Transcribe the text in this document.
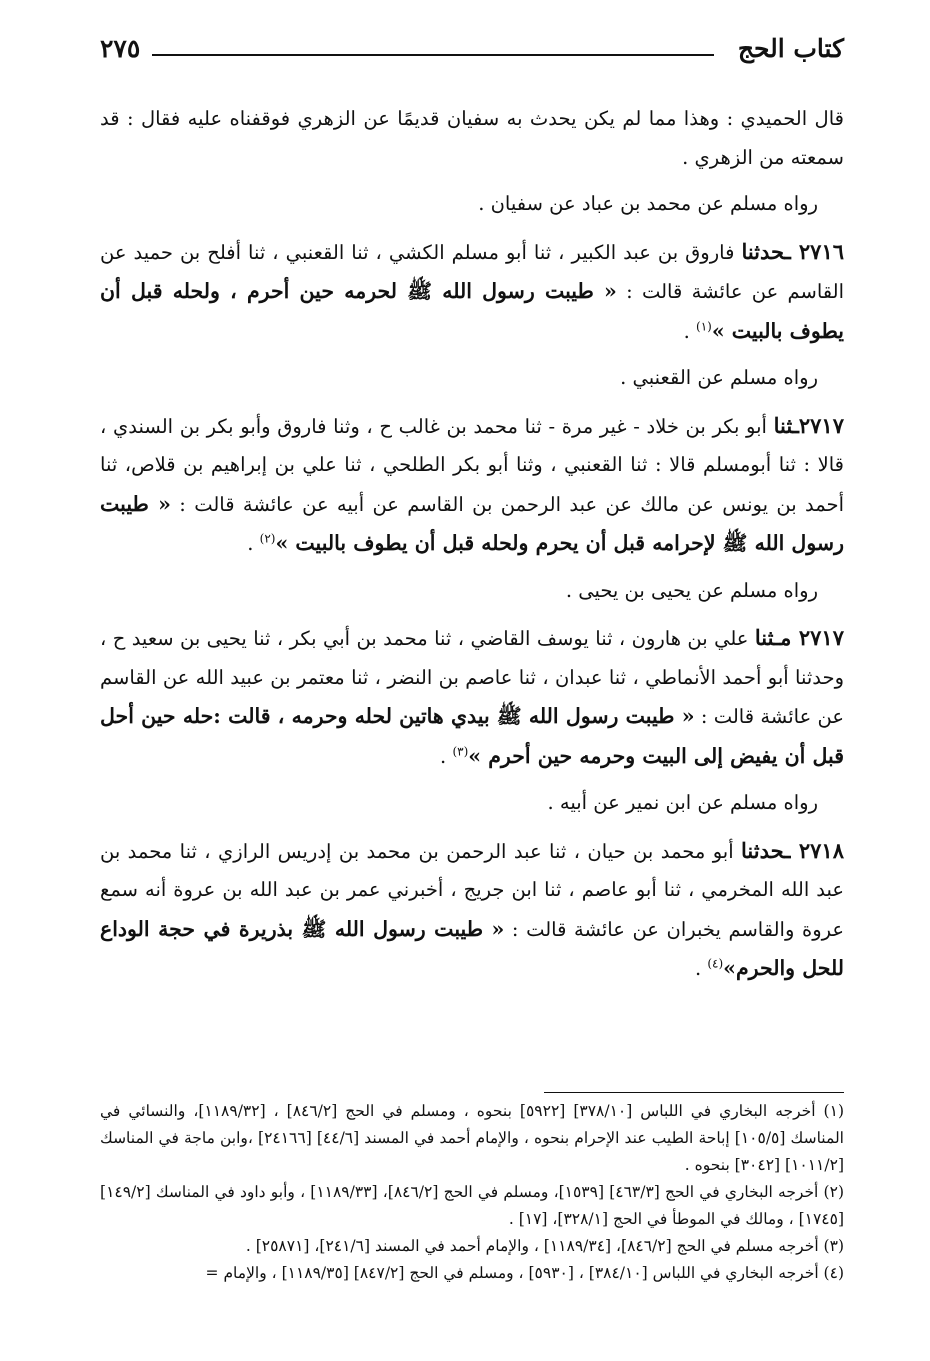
كتاب الحج
٢٧٥

قال الحميدي : وهذا مما لم يكن يحدث به سفيان قديمًا عن الزهري فوقفناه عليه فقال : قد سمعته من الزهري .

رواه مسلم عن محمد بن عباد عن سفيان .

٢٧١٦ ـحدثنا فاروق بن عبد الكبير ، ثنا أبو مسلم الكشي ، ثنا القعنبي ، ثنا أفلح بن حميد عن القاسم عن عائشة قالت : « طيبت رسول الله ﷺ لحرمه حين أحرم ، ولحله قبل أن يطوف بالبيت »$^{(١)}$ .

رواه مسلم عن القعنبي .

٢٧١٧ـثنا أبو بكر بن خلاد - غير مرة - ثنا محمد بن غالب ح ، وثنا فاروق وأبو بكر بن السندي ، قالا : ثنا أبومسلم قالا : ثنا القعنبي ، وثنا أبو بكر الطلحي ، ثنا علي بن إبراهيم بن قلاص، ثنا أحمد بن يونس عن مالك عن عبد الرحمن بن القاسم عن أبيه عن عائشة قالت : « طيبت رسول الله ﷺ لإحرامه قبل أن يحرم ولحله قبل أن يطوف بالبيت »$^{(٢)}$ .

رواه مسلم عن يحيى بن يحيى .

٢٧١٧ مـثنا علي بن هارون ، ثنا يوسف القاضي ، ثنا محمد بن أبي بكر ، ثنا يحيى بن سعيد ح ، وحدثنا أبو أحمد الأنماطي ، ثنا عبدان ، ثنا عاصم بن النضر ، ثنا معتمر بن عبيد الله عن القاسم عن عائشة قالت : « طيبت رسول الله ﷺ بيدي هاتين لحله وحرمه ، قالت :حله حين أحل قبل أن يفيض إلى البيت وحرمه حين أحرم »$^{(٣)}$ .

رواه مسلم عن ابن نمير عن أبيه .

٢٧١٨ ـحدثنا أبو محمد بن حيان ، ثنا عبد الرحمن بن محمد بن إدريس الرازي ، ثنا محمد بن عبد الله المخرمي ، ثنا أبو عاصم ، ثنا ابن جريج ، أخبرني عمر بن عبد الله بن عروة أنه سمع عروة والقاسم يخبران عن عائشة قالت : « طيبت رسول الله ﷺ بذريرة في حجة الوداع للحل والحرم»$^{(٤)}$ .

(١) أخرجه البخاري في اللباس [٣٧٨/١٠] [٥٩٢٢] بنحوه ، ومسلم في الحج [٨٤٦/٢] ، [١١٨٩/٣٢]، والنسائي في المناسك [١٠٥/٥] إباحة الطيب عند الإحرام بنحوه ، والإمام أحمد في المسند [٤٤/٦] [٢٤١٦٦] ،وابن ماجة في المناسك [١٠١١/٢] [٣٠٤٢] بنحوه .

(٢) أخرجه البخاري في الحج [٤٦٣/٣] [١٥٣٩]، ومسلم في الحج [٨٤٦/٢]، [١١٨٩/٣٣] ، وأبو داود في المناسك [١٤٩/٢] [١٧٤٥] ، ومالك في الموطأ في الحج [٣٢٨/١]، [١٧] .

(٣) أخرجه مسلم في الحج [٨٤٦/٢]، [١١٨٩/٣٤] ، والإمام أحمد في المسند [٢٤١/٦]، [٢٥٨٧١] .

(٤) أخرجه البخاري في اللباس [٣٨٤/١٠] ، [٥٩٣٠] ، ومسلم في الحج [٨٤٧/٢] [١١٨٩/٣٥] ، والإمام =
